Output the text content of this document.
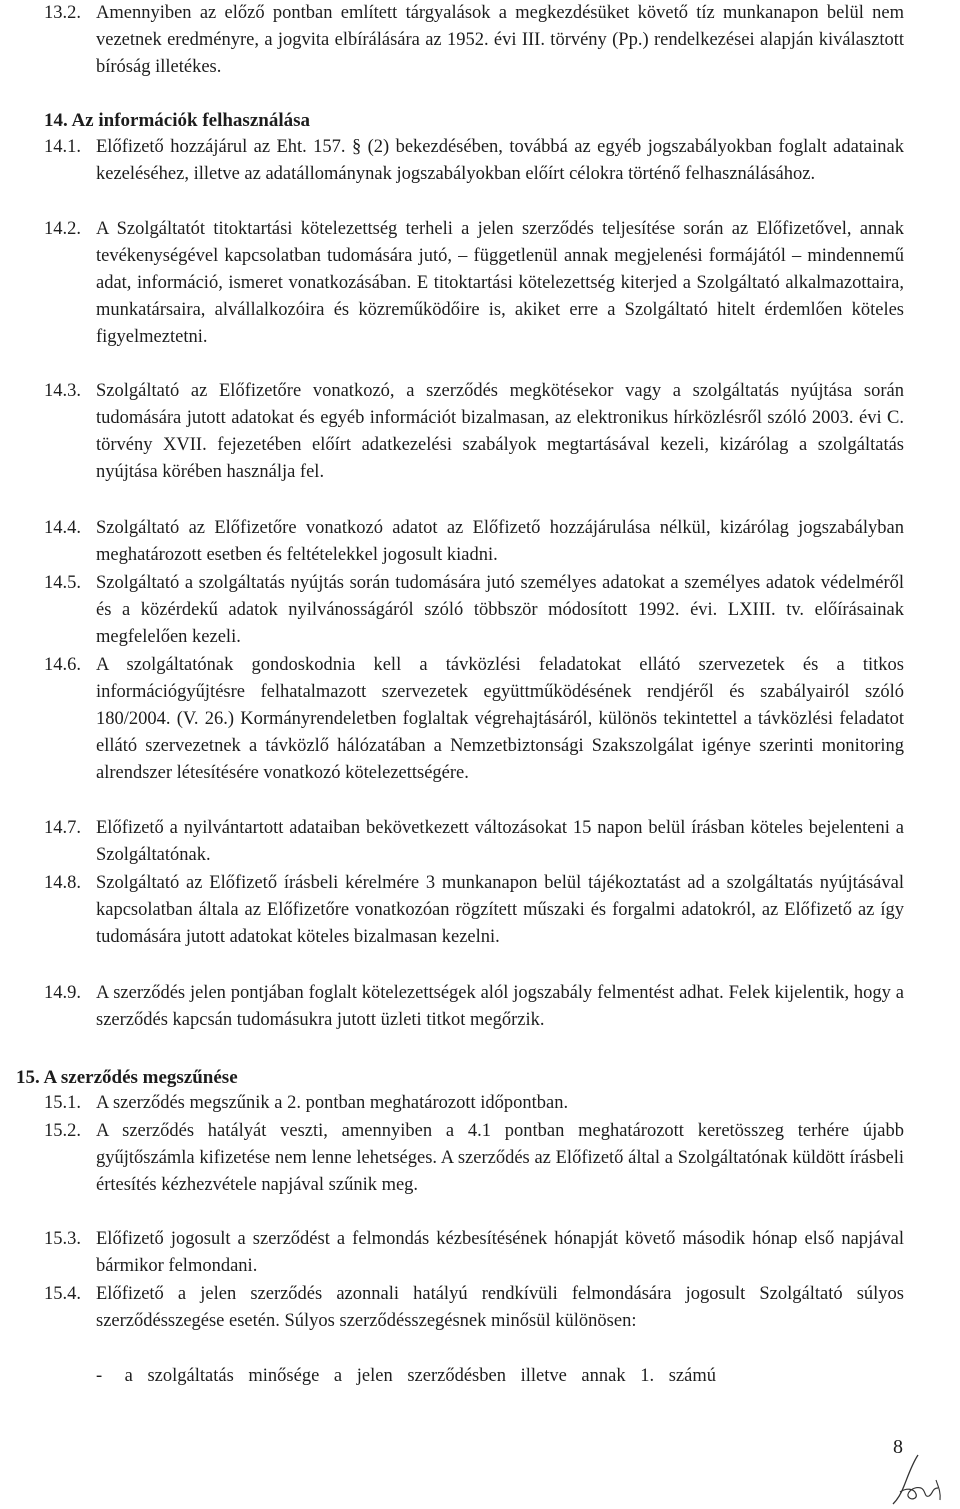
13.2. Amennyiben az előző pontban említett tárgyalások a megkezdésüket követő tíz munkanapon belül nem vezetnek eredményre, a jogvita elbírálására az 1952. évi III. törvény (Pp.) rendelkezései alapján kiválasztott bíróság illetékes.
14. Az információk felhasználása
14.1. Előfizető hozzájárul az Eht. 157. § (2) bekezdésében, továbbá az egyéb jogszabályokban foglalt adatainak kezeléséhez, illetve az adatállománynak jogszabályokban előírt célokra történő felhasználásához.
14.2. A Szolgáltatót titoktartási kötelezettség terheli a jelen szerződés teljesítése során az Előfizetővel, annak tevékenységével kapcsolatban tudomására jutó, – függetlenül annak megjelenési formájától – mindennemű adat, információ, ismeret vonatkozásában. E titoktartási kötelezettség kiterjed a Szolgáltató alkalmazottaira, munkatársaira, alvállalkozóira és közreműködőire is, akiket erre a Szolgáltató hitelt érdemlően köteles figyelmeztetni.
14.3. Szolgáltató az Előfizetőre vonatkozó, a szerződés megkötésekor vagy a szolgáltatás nyújtása során tudomására jutott adatokat és egyéb információt bizalmasan, az elektronikus hírközlésről szóló 2003. évi C. törvény XVII. fejezetében előírt adatkezelési szabályok megtartásával kezeli, kizárólag a szolgáltatás nyújtása körében használja fel.
14.4. Szolgáltató az Előfizetőre vonatkozó adatot az Előfizető hozzájárulása nélkül, kizárólag jogszabályban meghatározott esetben és feltételekkel jogosult kiadni.
14.5. Szolgáltató a szolgáltatás nyújtás során tudomására jutó személyes adatokat a személyes adatok védelméről és a közérdekű adatok nyilvánosságáról szóló többször módosított 1992. évi. LXIII. tv. előírásainak megfelelően kezeli.
14.6. A szolgáltatónak gondoskodnia kell a távközlési feladatokat ellátó szervezetek és a titkos információgyűjtésre felhatalmazott szervezetek együttműködésének rendjéről és szabályairól szóló 180/2004. (V. 26.) Kormányrendeletben foglaltak végrehajtásáról, különös tekintettel a távközlési feladatot ellátó szervezetnek a távközlő hálózatában a Nemzetbiztonsági Szakszolgálat igénye szerinti monitoring alrendszer létesítésére vonatkozó kötelezettségére.
14.7. Előfizető a nyilvántartott adataiban bekövetkezett változásokat 15 napon belül írásban köteles bejelenteni a Szolgáltatónak.
14.8. Szolgáltató az Előfizető írásbeli kérelmére 3 munkanapon belül tájékoztatást ad a szolgáltatás nyújtásával kapcsolatban általa az Előfizetőre vonatkozóan rögzített műszaki és forgalmi adatokról, az Előfizető az így tudomására jutott adatokat köteles bizalmasan kezelni.
14.9. A szerződés jelen pontjában foglalt kötelezettségek alól jogszabály felmentést adhat. Felek kijelentik, hogy a szerződés kapcsán tudomásukra jutott üzleti titkot megőrzik.
15. A szerződés megszűnése
15.1. A szerződés megszűnik a 2. pontban meghatározott időpontban.
15.2. A szerződés hatályát veszti, amennyiben a 4.1 pontban meghatározott keretösszeg terhére újabb gyűjtőszámla kifizetése nem lenne lehetséges. A szerződés az Előfizető által a Szolgáltatónak küldött írásbeli értesítés kézhezvétele napjával szűnik meg.
15.3. Előfizető jogosult a szerződést a felmondás kézbesítésének hónapját követő második hónap első napjával bármikor felmondani.
15.4. Előfizető a jelen szerződés azonnali hatályú rendkívüli felmondására jogosult Szolgáltató súlyos szerződésszegése esetén. Súlyos szerződésszegésnek minősül különösen:
- a szolgáltatás minősége a jelen szerződésben illetve annak 1. számú
8
